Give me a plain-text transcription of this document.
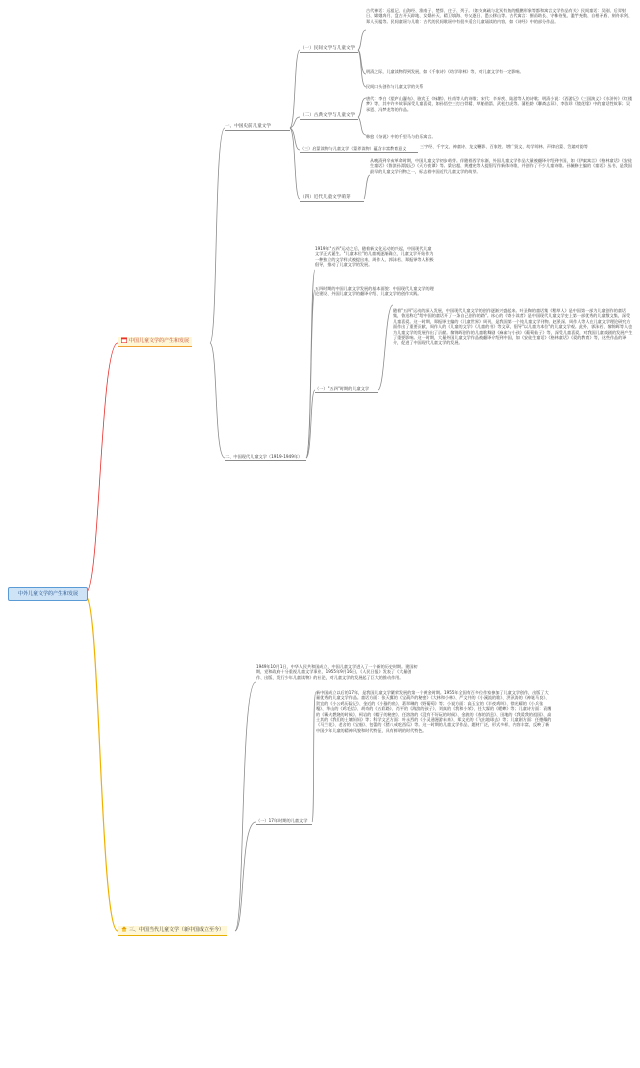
中外儿童文学的产生和发展
中国儿童文学的产生和发展
一、中国史前儿童文学
（一）民间文学与儿童文学
古代神话：远祖记、山海经、淮南子、楚辞、庄子、列子。（如支离疏与北冥有鱼的鲲鹏形象等都和寓言文学作品有关）民间童话：吴刚、后羿射日、嫦娥奔月、盘古开天辟地、女娲补天、精卫填海、夸父逐日、愚公移山等。古代寓言：揠苗助长、守株待兔、滥竽充数、自相矛盾、刻舟求剑、郑人买履等。民间童谣与儿歌：古代的民间歌谣中有很多适合儿童诵读的内容，如《诗经》中的部分作品。
明清之际，儿童读物得到发展，如《千家诗》《幼学琼林》等，对儿童文学有一定影响。
民间口头创作与儿童文学的关系
（二）古典文学与儿童文学
唐代：李白《望庐山瀑布》、骆宾王《咏鹅》、杜甫等人的诗歌；宋代：辛弃疾、陆游等人的诗歌；明清小说：《西游记》《三国演义》《水浒传》《红楼梦》等，其中许多故事深受儿童喜爱，如孙悟空三打白骨精、草船借箭、武松打虎等。蒲松龄《聊斋志异》、李汝珍《镜花缘》中的童话性故事；吴承恩、冯梦龙等的作品。
韩愈《杂说》中的千里马与伯乐寓言。
（三）启蒙读物与儿童文学（蒙养读物）蕴含丰富教育意义	三字经、千字文、神童诗、龙文鞭影、百家姓、增广贤文、幼学琼林、声律启蒙、笠翁对韵等
（四）近代儿童文学萌芽
从晚清到辛亥革命时期，中国儿童文学初步萌芽。伴随着西学东渐，外国儿童文学作品大量被翻译介绍到中国，如《伊索寓言》《格林童话》《安徒生童话》《鲁滨孙漂流记》《天方夜谭》等。梁启超、黄遵宪等人提倡写作新体诗歌，并创作了不少儿童诗歌。孙毓修主编的《童话》丛书，是我国最早的儿童文学刊物之一，标志着中国近代儿童文学的萌芽。
二、中国现代儿童文学（1919-1949年）
1919年"五四"运动之后，随着新文化运动的兴起，中国现代儿童文学正式诞生。"儿童本位"的儿童观逐渐确立，儿童文学开始作为一种独立的文学样式被提出来，周作人、郭沫若、郑振铎等人积极倡导，推动了儿童文学的发展。
五四时期的中国儿童文学发展的基本面貌：中国现代儿童文学的理论建设、外国儿童文学的翻译介绍、儿童文学的创作实践。
（一）"五四"时期的儿童文学
随着"五四"运动的深入发展，中国现代儿童文学的创作逐渐兴盛起来。叶圣陶的童话集《稻草人》是中国第一部为儿童创作的童话集，鲁迅称它"给中国的童话开了一条自己创作的路"。冰心的《寄小读者》是中国现代儿童文学史上第一部优秀的儿童散文集，深受儿童喜爱。这一时期，郑振铎主编的《儿童世界》周刊，是我国第一个纯儿童文学刊物。赵景深、周作人等人在儿童文学理论研究方面作出了重要贡献，周作人的《儿童的文学》《儿童的书》等文章，倡导"以儿童为本位"的儿童文学观。此外，郭沫若、黎锦晖等人也为儿童文学的发展作出了贡献。黎锦晖创作的儿童歌舞剧《麻雀与小孩》《葡萄仙子》等，深受儿童喜爱，对我国儿童戏剧的发展产生了重要影响。这一时期，大量外国儿童文学作品被翻译介绍到中国，如《安徒生童话》《格林童话》《爱的教育》等，这些作品的译介，促进了中国现代儿童文学的发展。
三、中国当代儿童文学（新中国成立至今）
1949年10月1日，中华人民共和国成立，中国儿童文学进入了一个新的历史时期。建国初期，党和政府十分重视儿童文学事业，1955年9月16日，《人民日报》发表了《大量创作、出版、发行少年儿童读物》的社论，对儿童文学的发展起了巨大的推动作用。
（一）17年时期的儿童文学
新中国成立以后的17年，是我国儿童文学繁荣发展的第一个黄金时期。1955年全国有百多位作家参加了儿童文学创作，出版了大量优秀的儿童文学作品。童话方面：张天翼的《宝葫芦的秘密》《大林和小林》、严文井的《小溪流的歌》、洪汛涛的《神笔马良》、贺宜的《小公鸡历险记》、金近的《小猫钓鱼》、葛翠琳的《野葡萄》等；小说方面：高玉宝的《半夜鸡叫》、徐光耀的《小兵张嘎》、华山的《鸡毛信》、胡奇的《五彩路》、肖平的《海滨的孩子》、刘真的《我和小荣》、任大霖的《蟋蟀》等；儿童诗方面：袁鹰的《篝火燃烧的时候》、柯岩的《帽子的秘密》、任溶溶的《没有不好玩的时候》、金波的《春的消息》、田地的《我爱我的祖国》、高士其的《我们的土壤妈妈》等；科学文艺方面：叶永烈的《小灵通漫游未来》、郑文光的《飞出地球去》等；儿童剧方面：任德耀的《马兰花》、老舍的《宝船》、包蕾的《猪八戒吃西瓜》等。这一时期的儿童文学作品，题材广泛，形式多样，内容丰富，反映了新中国少年儿童的精神风貌和时代特征，具有鲜明的时代特色。
